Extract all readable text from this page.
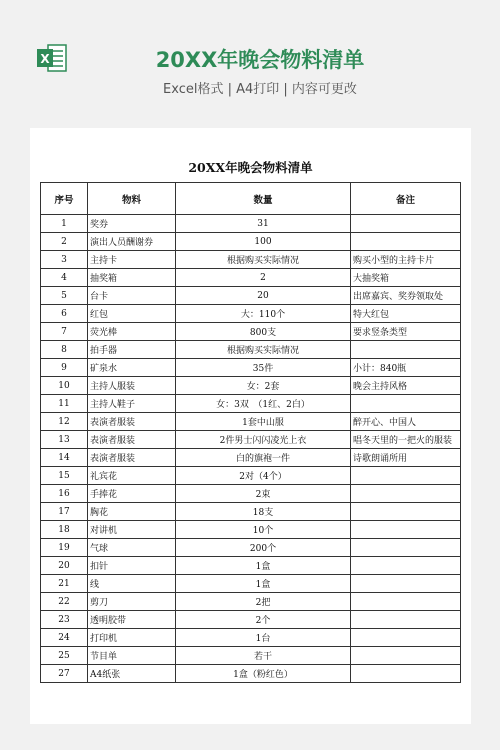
X	20XX年晚会物料清单
Excel格式 | A4打印 | 内容可更改
20XX年晚会物料清单
序号	物料	数量	备注
1	奖券	31	
2	演出人员酬谢券	100	
3	主持卡	根据购买实际情况	购买小型的主持卡片
4	抽奖箱	2	大抽奖箱
5	台卡	20	出席嘉宾、奖券领取处
6	红包	大：110个	特大红包
7	荧光棒	800支	要求竖条类型
8	拍手器	根据购买实际情况	
9	矿泉水	35件	小计：840瓶
10	主持人服装	女：2套	晚会主持风格
11	主持人鞋子	女：3双　（1红、2白）	
12	表演者服装	1套中山服	醉开心、中国人
13	表演者服装	2件男士闪闪凌光上衣	唱冬天里的一把火的服装
14	表演者服装	白的旗袍一件	诗歌朗诵所用
15	礼宾花	2对（4个）	
16	手捧花	2束	
17	胸花	18支	
18	对讲机	10个	
19	气球	200个	
20	扣针	1盒	
21	线	1盒	
22	剪刀	2把	
23	透明胶带	2个	
24	打印机	1台	
25	节目单	若干	
27	A4纸张	1盒（粉红色）	
